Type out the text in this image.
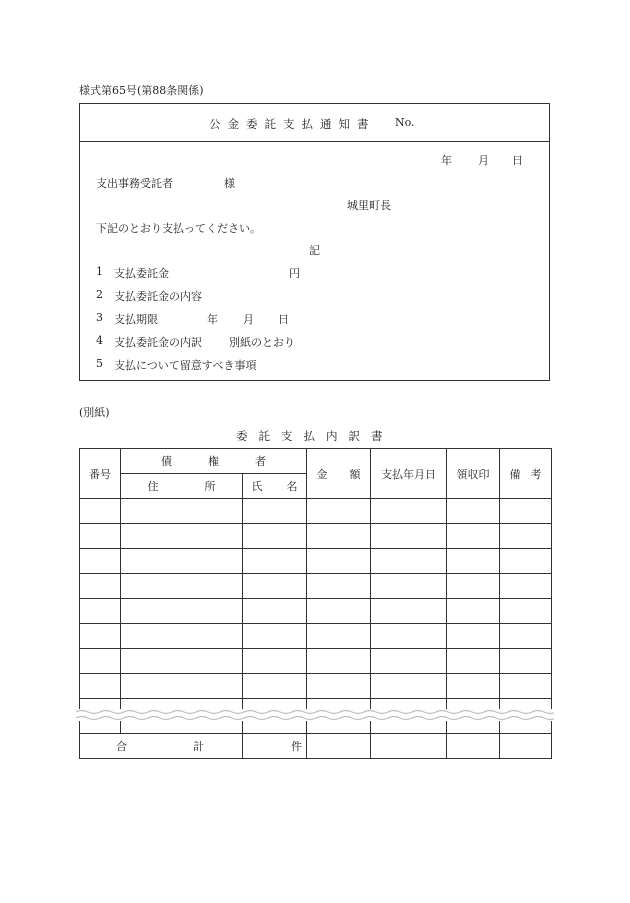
様式第65号(第88条関係)
公 金 委 託 支 払 通 知 書 No.
年 月 日
支出事務受託者	様
城里町長
下記のとおり支払ってください。
記
1 支払委託金	円
2 支払委託金の内容
3 支払期限	年 月 日
4 支払委託金の内訳 別紙のとおり
5 支払について留意すべき事項
(別紙)
委 託 支 払 内 訳 書
番号	債 権 者		金 額	支払年月日	領収印	備 考
	住 所	氏 名				

合 計		件				
